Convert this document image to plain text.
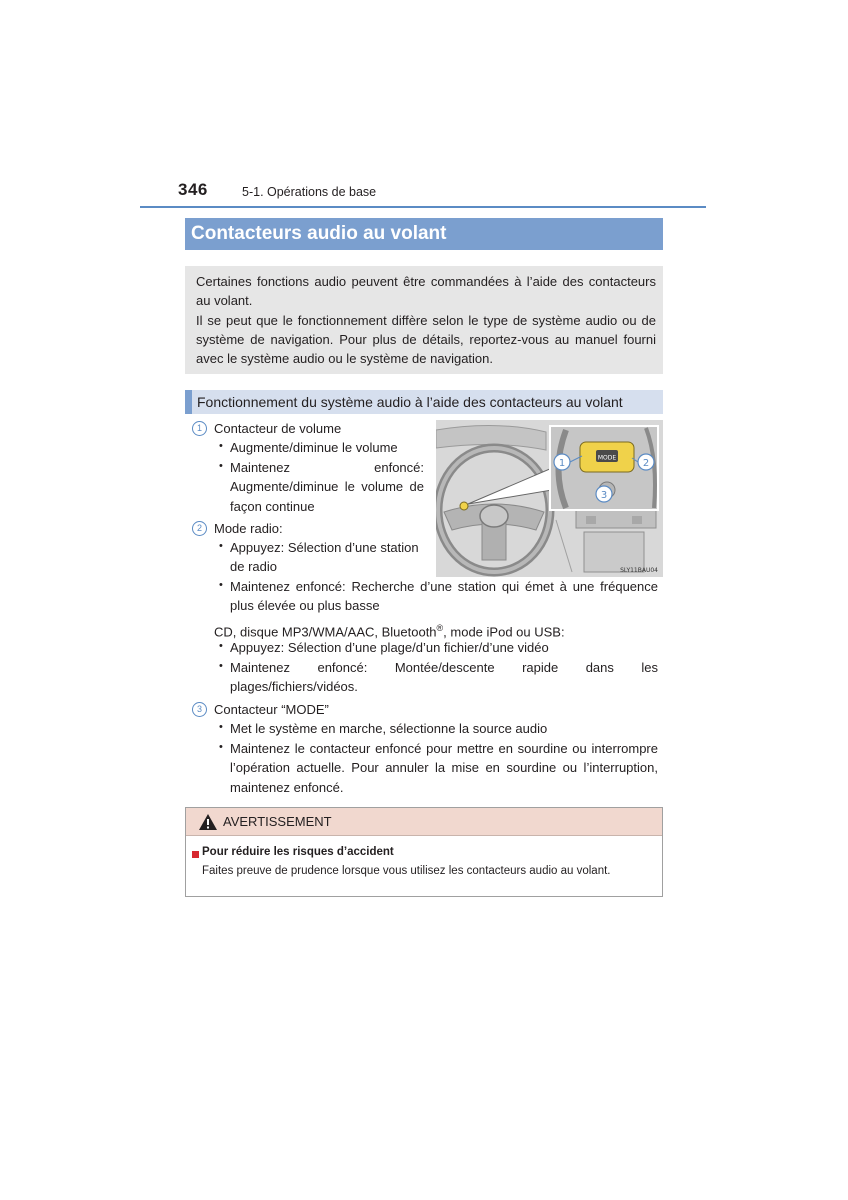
346	5-1. Opérations de base
Contacteurs audio au volant

Certaines fonctions audio peuvent être commandées à l’aide des contacteurs au volant.

Il se peut que le fonctionnement diffère selon le type de système audio ou de système de navigation. Pour plus de détails, reportez-vous au manuel fourni avec le système audio ou le système de navigation.

Fonctionnement du système audio à l’aide des contacteurs au volant
1 Contacteur de volume
• Augmente/diminue le volume
• Maintenez enfoncé: Augmente/diminue le volume de façon continue
2 Mode radio:
• Appuyez: Sélection d’une station de radio
• Maintenez enfoncé: Recherche d’une station qui émet à une fréquence plus élevée ou plus basse
CD, disque MP3/WMA/AAC, Bluetooth®, mode iPod ou USB:
• Appuyez: Sélection d’une plage/d’un fichier/d’une vidéo
• Maintenez enfoncé: Montée/descente rapide dans les plages/fichiers/vidéos.
3 Contacteur “MODE”
• Met le système en marche, sélectionne la source audio
• Maintenez le contacteur enfoncé pour mettre en sourdine ou interrompre l’opération actuelle. Pour annuler la mise en sourdine ou l’interruption, maintenez enfoncé.
MODE
1	2
3
SLY11BAU04
AVERTISSEMENT
Pour réduire les risques d’accident
Faites preuve de prudence lorsque vous utilisez les contacteurs audio au volant.
